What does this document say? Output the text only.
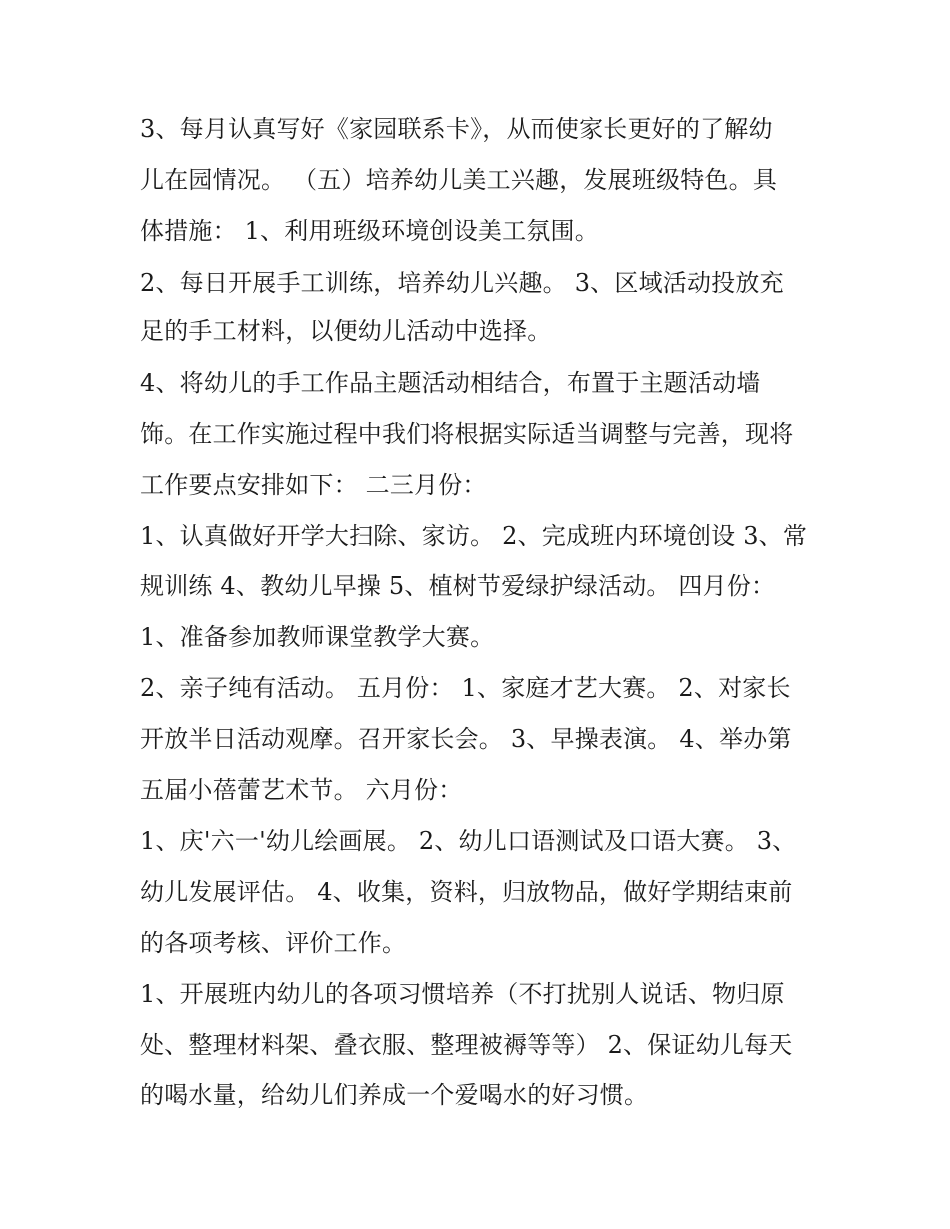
3、每月认真写好《家园联系卡》，从而使家长更好的了解幼
儿在园情况。 （五）培养幼儿美工兴趣，发展班级特色。具
体措施： 1、利用班级环境创设美工氛围。
2、每日开展手工训练，培养幼儿兴趣。 3、区域活动投放充
足的手工材料，以便幼儿活动中选择。
4、将幼儿的手工作品主题活动相结合，布置于主题活动墙
饰。在工作实施过程中我们将根据实际适当调整与完善，现将
工作要点安排如下： 二三月份：
1、认真做好开学大扫除、家访。 2、完成班内环境创设 3、常
规训练 4、教幼儿早操 5、植树节爱绿护绿活动。 四月份：
1、准备参加教师课堂教学大赛。
2、亲子纯有活动。 五月份： 1、家庭才艺大赛。 2、对家长
开放半日活动观摩。召开家长会。 3、早操表演。 4、举办第
五届小蓓蕾艺术节。 六月份：
1、庆'六一'幼儿绘画展。 2、幼儿口语测试及口语大赛。 3、
幼儿发展评估。 4、收集，资料，归放物品，做好学期结束前
的各项考核、评价工作。
1、开展班内幼儿的各项习惯培养（不打扰别人说话、物归原
处、整理材料架、叠衣服、整理被褥等等） 2、保证幼儿每天
的喝水量，给幼儿们养成一个爱喝水的好习惯。
